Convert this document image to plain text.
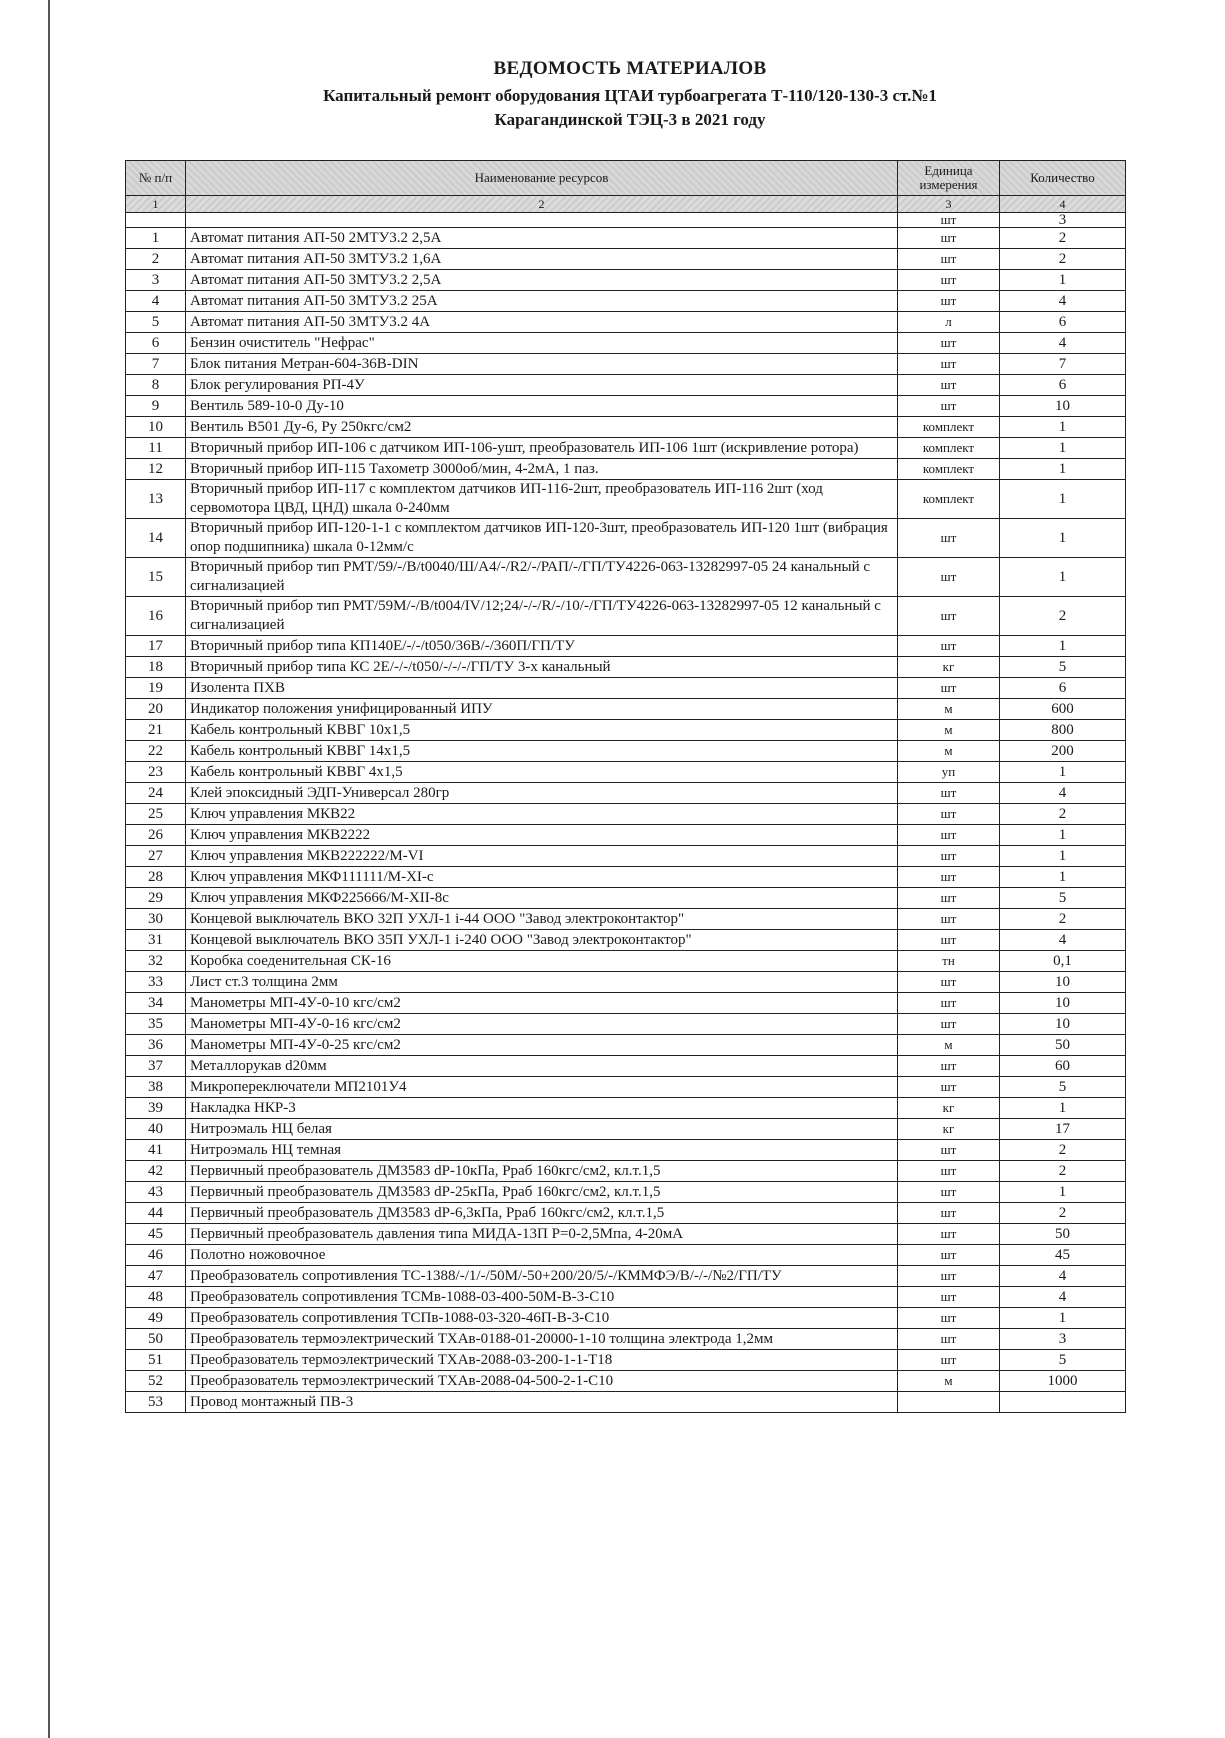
ВЕДОМОСТЬ МАТЕРИАЛОВ
Капитальный ремонт оборудования ЦТАИ турбоагрегата Т-110/120-130-3 ст.№1
Карагандинской ТЭЦ-3 в 2021 году
№ п/п	Наименование ресурсов	Единица измерения	Количество
1	2	3	4
		шт	3
1	Автомат питания АП-50 2МТУ3.2 2,5А	шт	2
2	Автомат питания АП-50 3МТУ3.2 1,6А	шт	2
3	Автомат питания АП-50 3МТУ3.2 2,5А	шт	1
4	Автомат питания АП-50 3МТУ3.2 25А	шт	4
5	Автомат питания АП-50 3МТУ3.2 4А	л	6
6	Бензин очиститель "Нефрас"	шт	4
7	Блок питания Метран-604-36В-DIN	шт	7
8	Блок регулирования РП-4У	шт	6
9	Вентиль 589-10-0 Ду-10	шт	10
10	Вентиль В501 Ду-6, Ру 250кгс/см2	комплект	1
11	Вторичный прибор ИП-106 с датчиком ИП-106-ушт, преобразователь ИП-106 1шт (искривление ротора)	комплект	1
12	Вторичный прибор ИП-115 Тахометр 3000об/мин, 4-2мА, 1 паз.	комплект	1
13	Вторичный прибор ИП-117 с комплектом датчиков ИП-116-2шт, преобразователь ИП-116 2шт (ход сервомотора ЦВД, ЦНД) шкала 0-240мм	комплект	1
14	Вторичный прибор ИП-120-1-1 с комплектом датчиков ИП-120-3шт, преобразователь ИП-120 1шт (вибрация опор подшипника) шкала 0-12мм/с	шт	1
15	Вторичный прибор тип РМТ/59/-/В/t0040/Ш/А4/-/R2/-/РАП/-/ГП/ТУ4226-063-13282997-05 24 канальный с сигнализацией	шт	1
16	Вторичный прибор тип РМТ/59М/-/В/t004/IV/12;24/-/-/R/-/10/-/ГП/ТУ4226-063-13282997-05 12 канальный с сигнализацией	шт	2
17	Вторичный прибор типа КП140Е/-/-/t050/36В/-/360П/ГП/ТУ	шт	1
18	Вторичный прибор типа КС 2Е/-/-/t050/-/-/-/ГП/ТУ 3-х канальный	кг	5
19	Изолента ПХВ	шт	6
20	Индикатор положения унифицированный ИПУ	м	600
21	Кабель контрольный КВВГ 10х1,5	м	800
22	Кабель контрольный КВВГ 14х1,5	м	200
23	Кабель контрольный КВВГ 4х1,5	уп	1
24	Клей эпоксидный ЭДП-Универсал 280гр	шт	4
25	Ключ управления МКВ22	шт	2
26	Ключ управления МКВ2222	шт	1
27	Ключ управления МКВ222222/М-VI	шт	1
28	Ключ управления МКФ111111/М-XI-с	шт	1
29	Ключ управления МКФ225666/М-XII-8с	шт	5
30	Концевой выключатель ВКО 32П УХЛ-1 i-44 ООО "Завод электроконтактор"	шт	2
31	Концевой выключатель ВКО 35П УХЛ-1 i-240 ООО "Завод электроконтактор"	шт	4
32	Коробка соеденительная СК-16	тн	0,1
33	Лист ст.3 толщина 2мм	шт	10
34	Манометры МП-4У-0-10 кгс/см2	шт	10
35	Манометры МП-4У-0-16 кгс/см2	шт	10
36	Манометры МП-4У-0-25 кгс/см2	м	50
37	Металлорукав d20мм	шт	60
38	Микропереключатели МП2101У4	шт	5
39	Накладка НКР-3	кг	1
40	Нитроэмаль НЦ белая	кг	17
41	Нитроэмаль НЦ темная	шт	2
42	Первичный преобразователь ДМ3583 dP-10кПа, Рраб 160кгс/см2, кл.т.1,5	шт	2
43	Первичный преобразователь ДМ3583 dP-25кПа, Рраб 160кгс/см2, кл.т.1,5	шт	1
44	Первичный преобразователь ДМ3583 dP-6,3кПа, Рраб 160кгс/см2, кл.т.1,5	шт	2
45	Первичный преобразователь давления типа МИДА-13П Р=0-2,5Мпа, 4-20мА	шт	50
46	Полотно ножовочное	шт	45
47	Преобразователь сопротивления ТС-1388/-/1/-/50М/-50+200/20/5/-/КММФЭ/В/-/-/№2/ГП/ТУ	шт	4
48	Преобразователь сопротивления ТСМв-1088-03-400-50М-В-3-С10	шт	4
49	Преобразователь сопротивления ТСПв-1088-03-320-46П-В-3-С10	шт	1
50	Преобразователь термоэлектрический ТХАв-0188-01-20000-1-10 толщина электрода 1,2мм	шт	3
51	Преобразователь термоэлектрический ТХАв-2088-03-200-1-1-Т18	шт	5
52	Преобразователь термоэлектрический ТХАв-2088-04-500-2-1-С10	м	1000
53	Провод монтажный ПВ-3		
